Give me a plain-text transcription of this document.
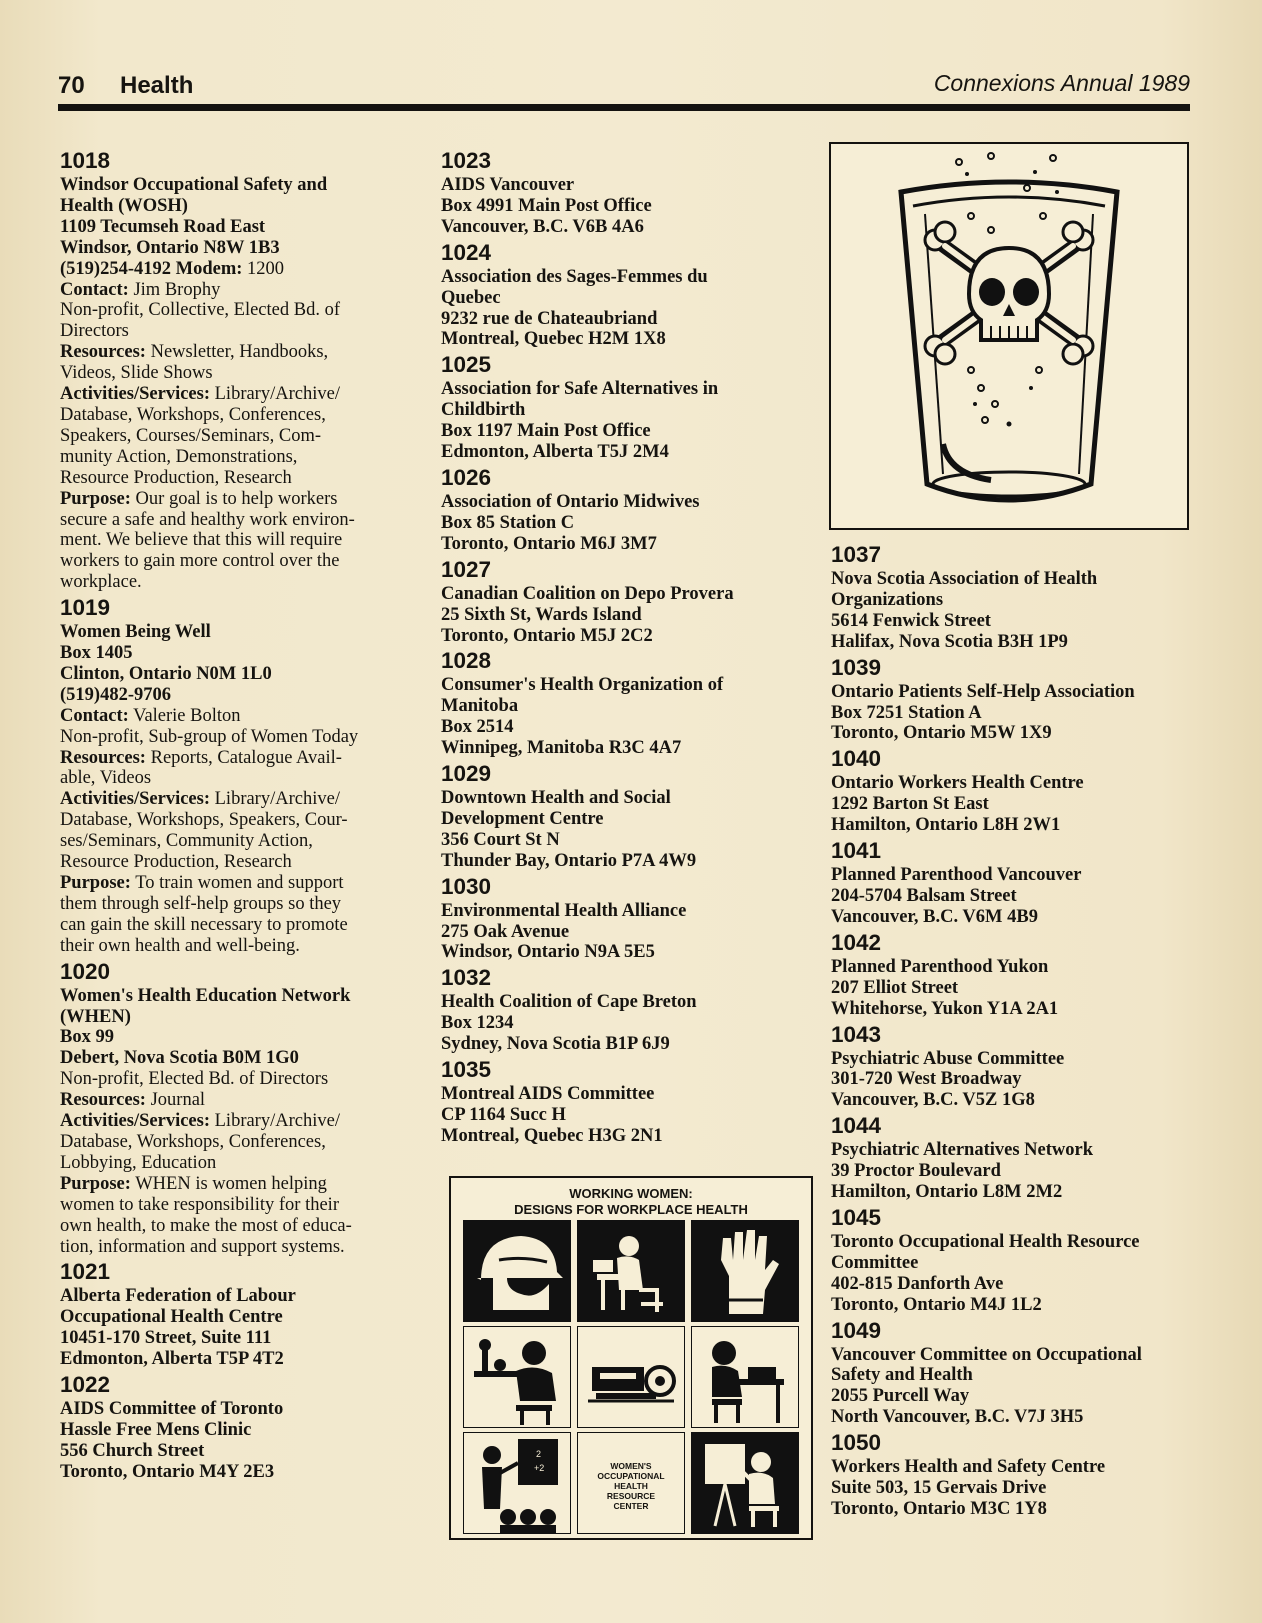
70 Health	Connexions Annual 1989
1018
Windsor Occupational Safety and
Health (WOSH)
1109 Tecumseh Road East
Windsor, Ontario N8W 1B3
(519)254-4192 Modem: 1200
Contact: Jim Brophy
Non-profit, Collective, Elected Bd. of
Directors
Resources: Newsletter, Handbooks,
Videos, Slide Shows
Activities/Services: Library/Archive/
Database, Workshops, Conferences,
Speakers, Courses/Seminars, Com-
munity Action, Demonstrations,
Resource Production, Research
Purpose: Our goal is to help workers
secure a safe and healthy work environ-
ment. We believe that this will require
workers to gain more control over the
workplace.
1019
Women Being Well
Box 1405
Clinton, Ontario N0M 1L0
(519)482-9706
Contact: Valerie Bolton
Non-profit, Sub-group of Women Today
Resources: Reports, Catalogue Avail-
able, Videos
Activities/Services: Library/Archive/
Database, Workshops, Speakers, Cour-
ses/Seminars, Community Action,
Resource Production, Research
Purpose: To train women and support
them through self-help groups so they
can gain the skill necessary to promote
their own health and well-being.
1020
Women's Health Education Network
(WHEN)
Box 99
Debert, Nova Scotia B0M 1G0
Non-profit, Elected Bd. of Directors
Resources: Journal
Activities/Services: Library/Archive/
Database, Workshops, Conferences,
Lobbying, Education
Purpose: WHEN is women helping
women to take responsibility for their
own health, to make the most of educa-
tion, information and support systems.
1021
Alberta Federation of Labour
Occupational Health Centre
10451-170 Street, Suite 111
Edmonton, Alberta T5P 4T2
1022
AIDS Committee of Toronto
Hassle Free Mens Clinic
556 Church Street
Toronto, Ontario M4Y 2E3
1023
AIDS Vancouver
Box 4991 Main Post Office
Vancouver, B.C. V6B 4A6
1024
Association des Sages-Femmes du
Quebec
9232 rue de Chateaubriand
Montreal, Quebec H2M 1X8
1025
Association for Safe Alternatives in
Childbirth
Box 1197 Main Post Office
Edmonton, Alberta T5J 2M4
1026
Association of Ontario Midwives
Box 85 Station C
Toronto, Ontario M6J 3M7
1027
Canadian Coalition on Depo Provera
25 Sixth St, Wards Island
Toronto, Ontario M5J 2C2
1028
Consumer's Health Organization of
Manitoba
Box 2514
Winnipeg, Manitoba R3C 4A7
1029
Downtown Health and Social
Development Centre
356 Court St N
Thunder Bay, Ontario P7A 4W9
1030
Environmental Health Alliance
275 Oak Avenue
Windsor, Ontario N9A 5E5
1032
Health Coalition of Cape Breton
Box 1234
Sydney, Nova Scotia B1P 6J9
1035
Montreal AIDS Committee
CP 1164 Succ H
Montreal, Quebec H3G 2N1
1037
Nova Scotia Association of Health
Organizations
5614 Fenwick Street
Halifax, Nova Scotia B3H 1P9
1039
Ontario Patients Self-Help Association
Box 7251 Station A
Toronto, Ontario M5W 1X9
1040
Ontario Workers Health Centre
1292 Barton St East
Hamilton, Ontario L8H 2W1
1041
Planned Parenthood Vancouver
204-5704 Balsam Street
Vancouver, B.C. V6M 4B9
1042
Planned Parenthood Yukon
207 Elliot Street
Whitehorse, Yukon Y1A 2A1
1043
Psychiatric Abuse Committee
301-720 West Broadway
Vancouver, B.C. V5Z 1G8
1044
Psychiatric Alternatives Network
39 Proctor Boulevard
Hamilton, Ontario L8M 2M2
1045
Toronto Occupational Health Resource
Committee
402-815 Danforth Ave
Toronto, Ontario M4J 1L2
1049
Vancouver Committee on Occupational
Safety and Health
2055 Purcell Way
North Vancouver, B.C. V7J 3H5
1050
Workers Health and Safety Centre
Suite 503, 15 Gervais Drive
Toronto, Ontario M3C 1Y8
WORKING WOMEN:
DESIGNS FOR WORKPLACE HEALTH
2
+2	WOMEN'S
OCCUPATIONAL
HEALTH
RESOURCE
CENTER
